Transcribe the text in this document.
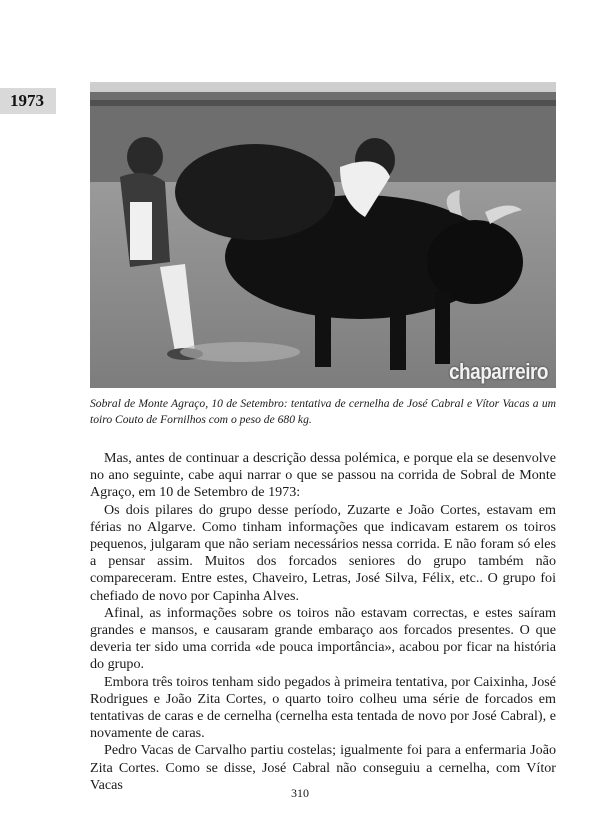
1973
chaparreiro

Sobral de Monte Agraço, 10 de Setembro: tentativa de cernelha de José Cabral e Vítor Vacas a um toiro Couto de Fornilhos com o peso de 680 kg.

Mas, antes de continuar a descrição dessa polémica, e porque ela se desenvolve no ano seguinte, cabe aqui narrar o que se passou na corrida de Sobral de Monte Agraço, em 10 de Setembro de 1973:

Os dois pilares do grupo desse período, Zuzarte e João Cortes, estavam em férias no Algarve. Como tinham informações que indicavam estarem os toiros pequenos, julgaram que não seriam necessários nessa corrida. E não foram só eles a pensar assim. Muitos dos forcados seniores do grupo também não compareceram. Entre estes, Chaveiro, Letras, José Silva, Félix, etc.. O grupo foi chefiado de novo por Capinha Alves.

Afinal, as informações sobre os toiros não estavam correctas, e estes saíram grandes e mansos, e causaram grande embaraço aos forcados presentes. O que deveria ter sido uma corrida «de pouca importância», acabou por ficar na história do grupo.

Embora três toiros tenham sido pegados à primeira tentativa, por Caixinha, José Rodrigues e João Zita Cortes, o quarto toiro colheu uma série de forcados em tentativas de caras e de cernelha (cernelha esta tentada de novo por José Cabral), e novamente de caras.

Pedro Vacas de Carvalho partiu costelas; igualmente foi para a enfermaria João Zita Cortes. Como se disse, José Cabral não conseguiu a cernelha, com Vítor Vacas

310
